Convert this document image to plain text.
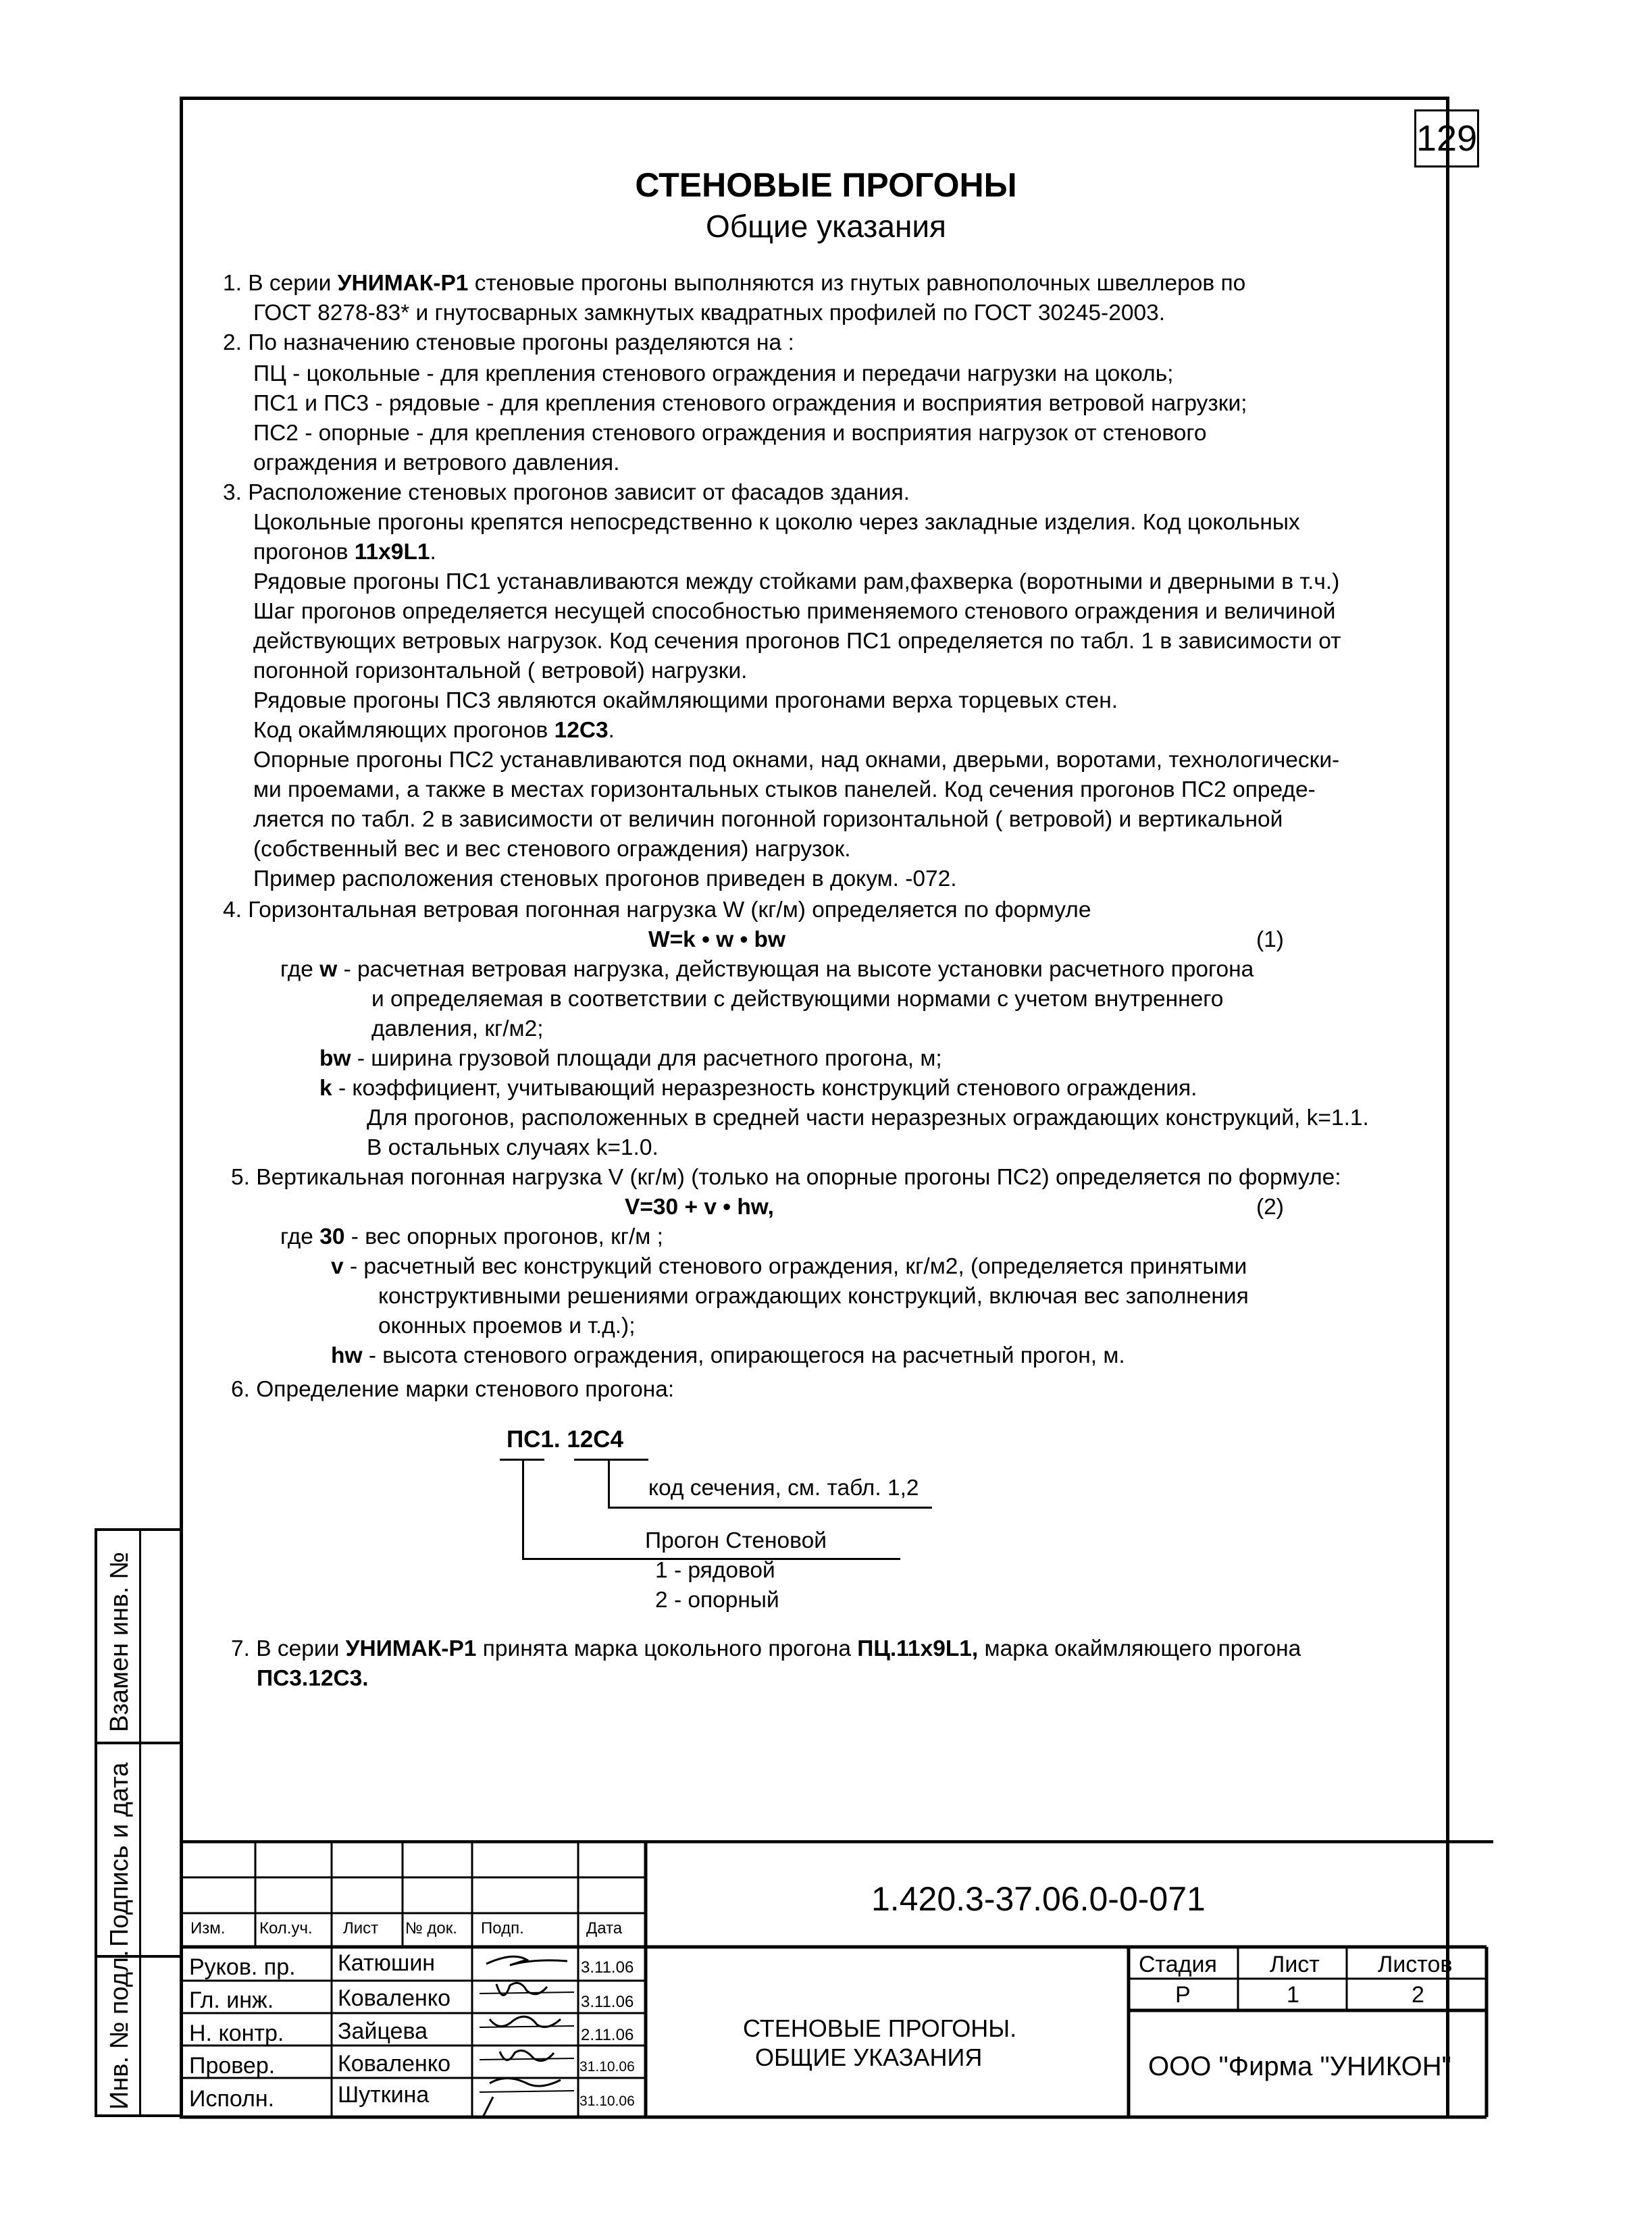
129
СТЕНОВЫЕ ПРОГОНЫ
Общие указания
1. В серии УНИМАК-Р1 стеновые прогоны выполняются из гнутых равнополочных швеллеров по
ГОСТ 8278-83* и гнутосварных замкнутых квадратных профилей по ГОСТ 30245-2003.
2. По назначению стеновые прогоны разделяются на :
ПЦ - цокольные - для крепления стенового ограждения и передачи нагрузки на цоколь;
ПС1 и ПС3 - рядовые - для крепления стенового ограждения и восприятия ветровой нагрузки;
ПС2 - опорные - для крепления стенового ограждения и восприятия нагрузок от стенового
ограждения и ветрового давления.
3. Расположение стеновых прогонов зависит от фасадов здания.
Цокольные прогоны крепятся непосредственно к цоколю через закладные изделия. Код цокольных
прогонов 11x9L1.
Рядовые прогоны ПС1 устанавливаются между стойками рам,фахверка (воротными и дверными в т.ч.)
Шаг прогонов определяется несущей способностью применяемого стенового ограждения и величиной
действующих ветровых нагрузок. Код сечения прогонов ПС1 определяется по табл. 1 в зависимости от
погонной горизонтальной ( ветровой) нагрузки.
Рядовые прогоны ПС3 являются окаймляющими прогонами верха торцевых стен.
Код окаймляющих прогонов 12С3.
Опорные прогоны ПС2 устанавливаются под окнами, над окнами, дверьми, воротами, технологически-
ми проемами, а также в местах горизонтальных стыков панелей. Код сечения прогонов ПС2 опреде-
ляется по табл. 2 в зависимости от величин погонной горизонтальной ( ветровой) и вертикальной
(собственный вес и вес стенового ограждения) нагрузок.
Пример расположения стеновых прогонов приведен в докум. -072.
4. Горизонтальная ветровая погонная нагрузка W (кг/м) определяется по формуле
W=k • w • bw	(1)
где w - расчетная ветровая нагрузка, действующая на высоте установки расчетного прогона
и определяемая в соответствии с действующими нормами с учетом внутреннего
давления, кг/м2;
bw - ширина грузовой площади для расчетного прогона, м;
k - коэффициент, учитывающий неразрезность конструкций стенового ограждения.
Для прогонов, расположенных в средней части неразрезных ограждающих конструкций, k=1.1.
В остальных случаях k=1.0.
5. Вертикальная погонная нагрузка V (кг/м) (только на опорные прогоны ПС2) определяется по формуле:
V=30 + v • hw,	(2)
где 30 - вес опорных прогонов, кг/м ;
v - расчетный вес конструкций стенового ограждения, кг/м2, (определяется принятыми
конструктивными решениями ограждающих конструкций, включая вес заполнения
оконных проемов и т.д.);
hw - высота стенового ограждения, опирающегося на расчетный прогон, м.
6. Определение марки стенового прогона:
ПС1. 12С4
код сечения, см. табл. 1,2
Прогон Стеновой
1 - рядовой
2 - опорный
7. В серии УНИМАК-Р1 принята марка цокольного прогона ПЦ.11x9L1, марка окаймляющего прогона
ПС3.12С3.
Взамен инв. №
Подпись и дата
Инв. № подл.
1.420.3-37.06.0-0-071
Изм. Кол.уч. Лист № док. Подп.	Дата
Руков. пр. Катюшин	3.11.06
Гл. инж.	Коваленко	3.11.06
Н. контр. Зайцева	2.11.06
Провер.	Коваленко	31.10.06
Исполн.	Шуткина	31.10.06
СТЕНОВЫЕ ПРОГОНЫ.
ОБЩИЕ УКАЗАНИЯ
Стадия Лист	Листов
Р	1	2
ООО "Фирма "УНИКОН"
